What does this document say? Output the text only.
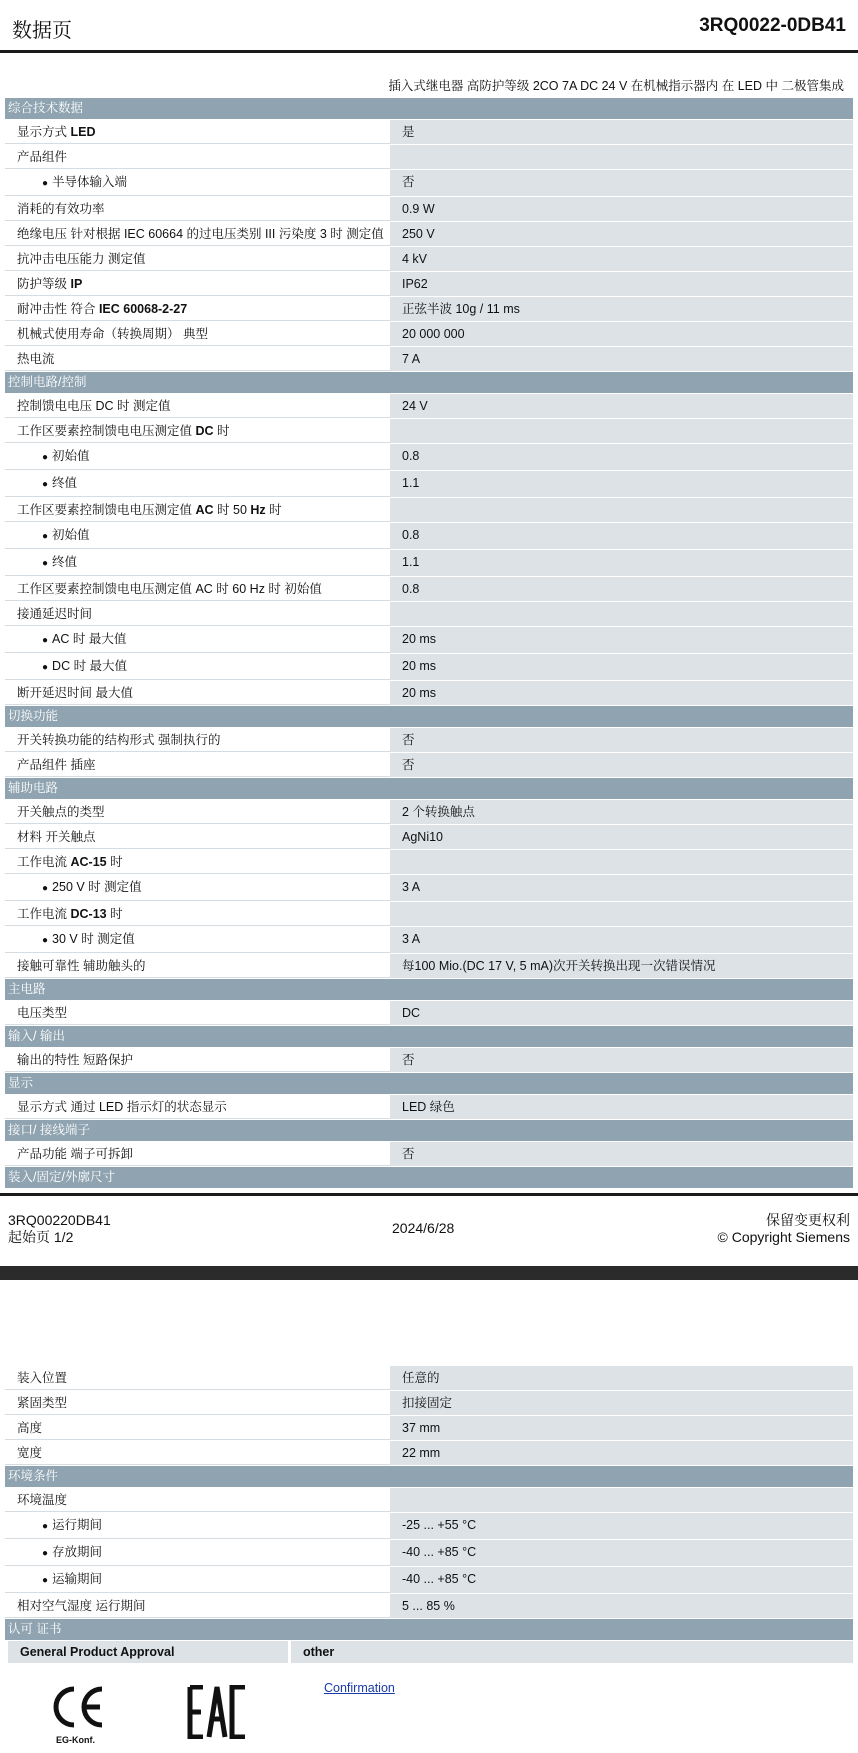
数据页	3RQ0022-0DB41
插入式继电器 高防护等级 2CO 7A DC 24 V 在机械指示器内 在 LED 中 二极管集成
综合技术数据
显示方式 LED	是
产品组件
● 半导体输入端	否
消耗的有效功率	0.9 W
绝缘电压 针对根据 IEC 60664 的过电压类别 III 污染度 3 时 测定值	250 V
抗冲击电压能力 测定值	4 kV
防护等级 IP	IP62
耐冲击性 符合 IEC 60068-2-27	正弦半波 10g / 11 ms
机械式使用寿命（转换周期） 典型	20 000 000
热电流	7 A
控制电路/控制
控制馈电电压 DC 时 测定值	24 V
工作区要素控制馈电电压测定值 DC 时
● 初始值	0.8
● 终值	1.1
工作区要素控制馈电电压测定值 AC 时 50 Hz 时
● 初始值	0.8
● 终值	1.1
工作区要素控制馈电电压测定值 AC 时 60 Hz 时 初始值	0.8
接通延迟时间
● AC 时 最大值	20 ms
● DC 时 最大值	20 ms
断开延迟时间 最大值	20 ms
切换功能
开关转换功能的结构形式 强制执行的	否
产品组件 插座	否
辅助电路
开关触点的类型	2 个转换触点
材料 开关触点	AgNi10
工作电流 AC-15 时
● 250 V 时 测定值	3 A
工作电流 DC-13 时
● 30 V 时 测定值	3 A
接触可靠性 辅助触头的	每100 Mio.(DC 17 V, 5 mA)次开关转换出现一次错误情况
主电路
电压类型	DC
输入/ 输出
输出的特性 短路保护	否
显示
显示方式 通过 LED 指示灯的状态显示	LED 绿色
接口/ 接线端子
产品功能 端子可拆卸	否
装入/固定/外廓尺寸
3RQ00220DB41
起始页 1/2
2024/6/28	保留变更权利
© Copyright Siemens
装入位置	任意的
紧固类型	扣接固定
高度	37 mm
宽度	22 mm
环境条件
环境温度
● 运行期间	-25 ... +55 °C
● 存放期间	-40 ... +85 °C
● 运输期间	-40 ... +85 °C
相对空气湿度 运行期间	5 ... 85 %
认可 证书
General Product Approval	other
EG-Konf.
Confirmation
